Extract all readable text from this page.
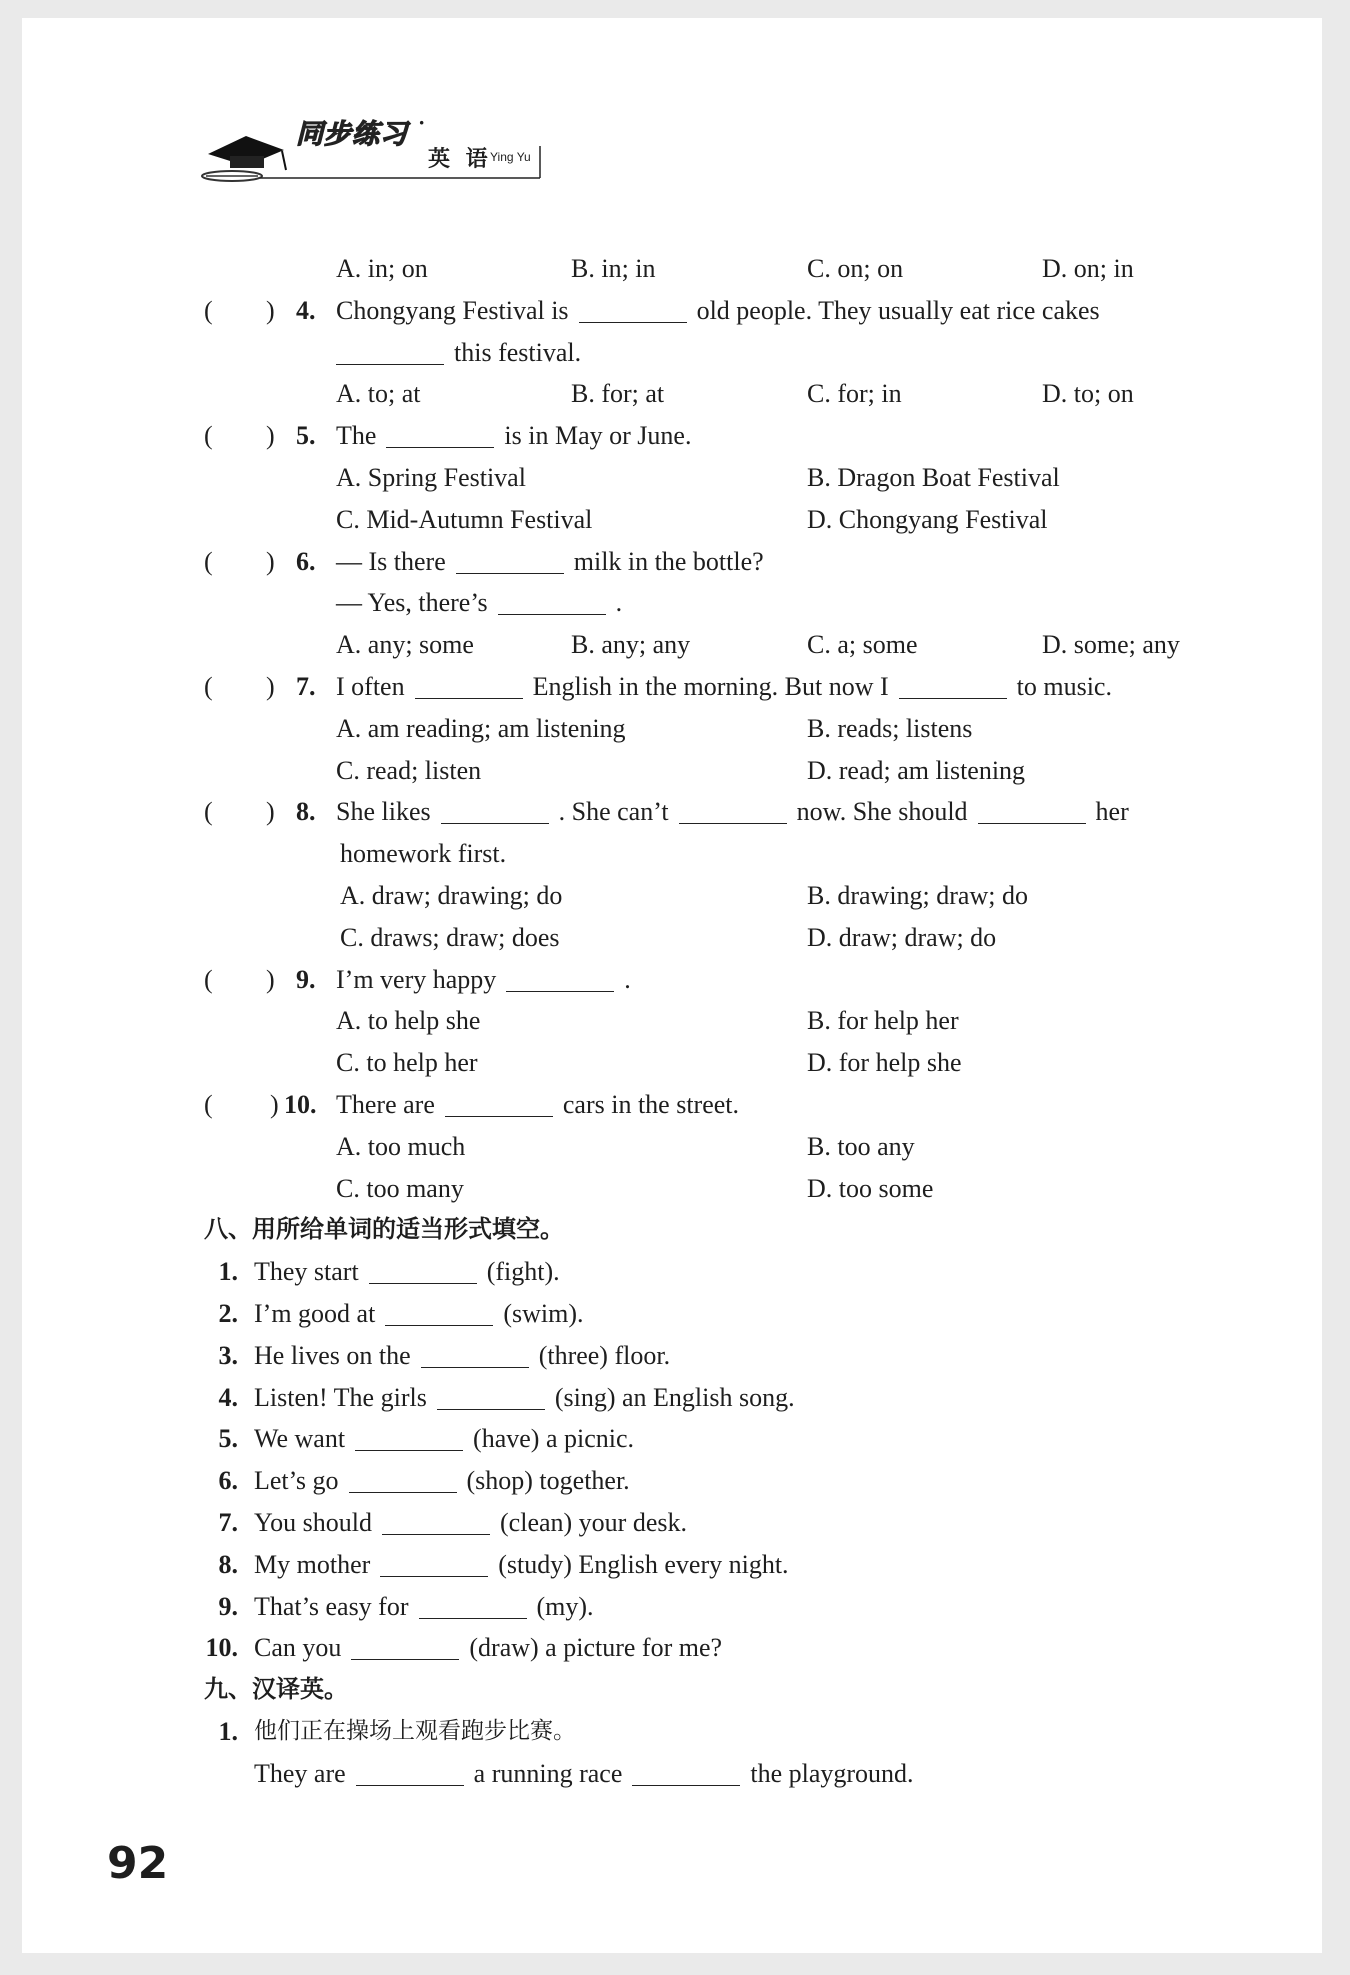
同步练习 ·
英 语
Ying Yu
A. in; on	B. in; in	C. on; on	D. on; in
( ) 4. Chongyang Festival is	old people. They usually eat rice cakes
this festival.
A. to; at	B. for; at	C. for; in	D. to; on
( ) 5. The	is in May or June.
A. Spring Festival	B. Dragon Boat Festival
C. Mid-Autumn Festival	D. Chongyang Festival
( ) 6. — Is there	milk in the bottle?
— Yes, there’s	.
A. any; some	B. any; any	C. a; some	D. some; any
( ) 7. I often	English in the morning. But now I	to music.
A. am reading; am listening	B. reads; listens
C. read; listen	D. read; am listening
( ) 8. She likes	. She can’t	now. She should	her
homework first.
A. draw; drawing; do	B. drawing; draw; do
C. draws; draw; does	D. draw; draw; do
( ) 9. I’m very happy	.
A. to help she	B. for help her
C. to help her	D. for help she
( ) 10. There are	cars in the street.
A. too much	B. too any
C. too many	D. too some
八、用所给单词的适当形式填空。
1. They start	(fight).
2. I’m good at	(swim).
3. He lives on the	(three) floor.
4. Listen! The girls	(sing) an English song.
5. We want	(have) a picnic.
6. Let’s go	(shop) together.
7. You should	(clean) your desk.
8. My mother	(study) English every night.
9. That’s easy for	(my).
10. Can you	(draw) a picture for me?
九、汉译英。
1. 他们正在操场上观看跑步比赛。
They are	a running race	the playground.
92
